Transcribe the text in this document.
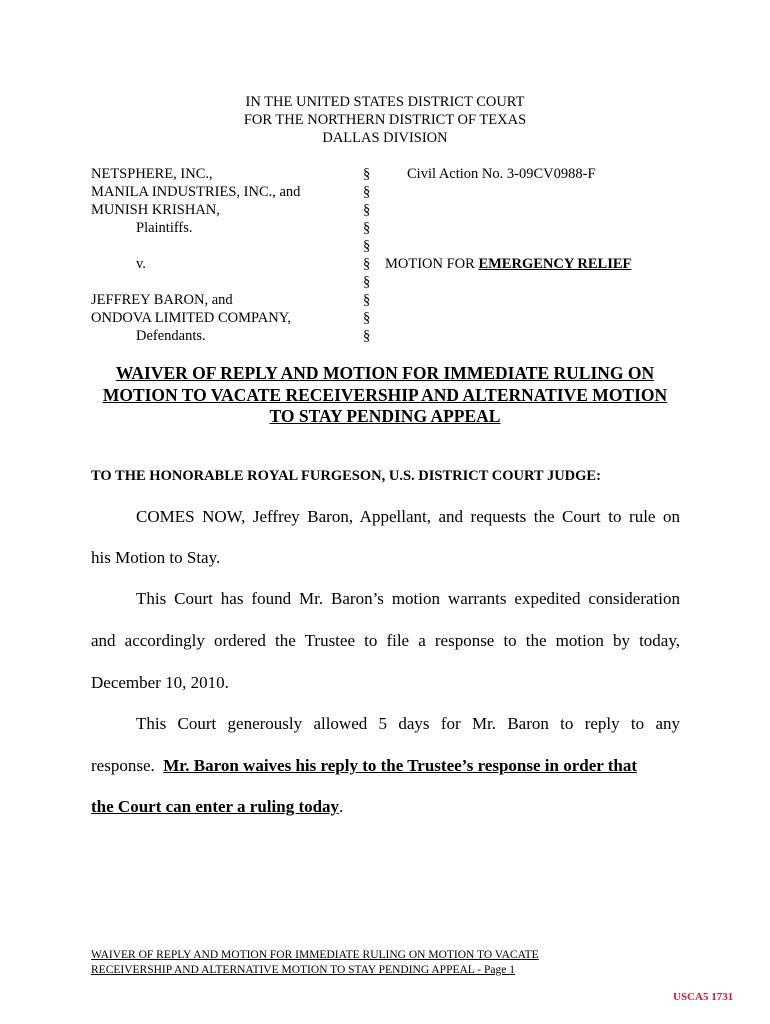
IN THE UNITED STATES DISTRICT COURT
FOR THE NORTHERN DISTRICT OF TEXAS
DALLAS DIVISION
NETSPHERE, INC.,
MANILA INDUSTRIES, INC., and
MUNISH KRISHAN,
Plaintiffs.
v.
JEFFREY BARON, and
ONDOVA LIMITED COMPANY,
Defendants.
§
§
§
§
§
§
§
§
§
§
Civil Action No. 3-09CV0988-F
MOTION FOR EMERGENCY RELIEF
WAIVER OF REPLY AND MOTION FOR IMMEDIATE RULING ON
MOTION TO VACATE RECEIVERSHIP AND ALTERNATIVE MOTION
TO STAY PENDING APPEAL
TO THE HONORABLE ROYAL FURGESON, U.S. DISTRICT COURT JUDGE:
COMES NOW, Jeffrey Baron, Appellant, and requests the Court to rule on
his Motion to Stay.
This Court has found Mr. Baron’s motion warrants expedited consideration
and accordingly ordered the Trustee to file a response to the motion by today,
December 10, 2010.
This Court generously allowed 5 days for Mr. Baron to reply to any
response. Mr. Baron waives his reply to the Trustee’s response in order that
the Court can enter a ruling today.
WAIVER OF REPLY AND MOTION FOR IMMEDIATE RULING ON MOTION TO VACATE
RECEIVERSHIP AND ALTERNATIVE MOTION TO STAY PENDING APPEAL - Page 1
USCA5 1731
